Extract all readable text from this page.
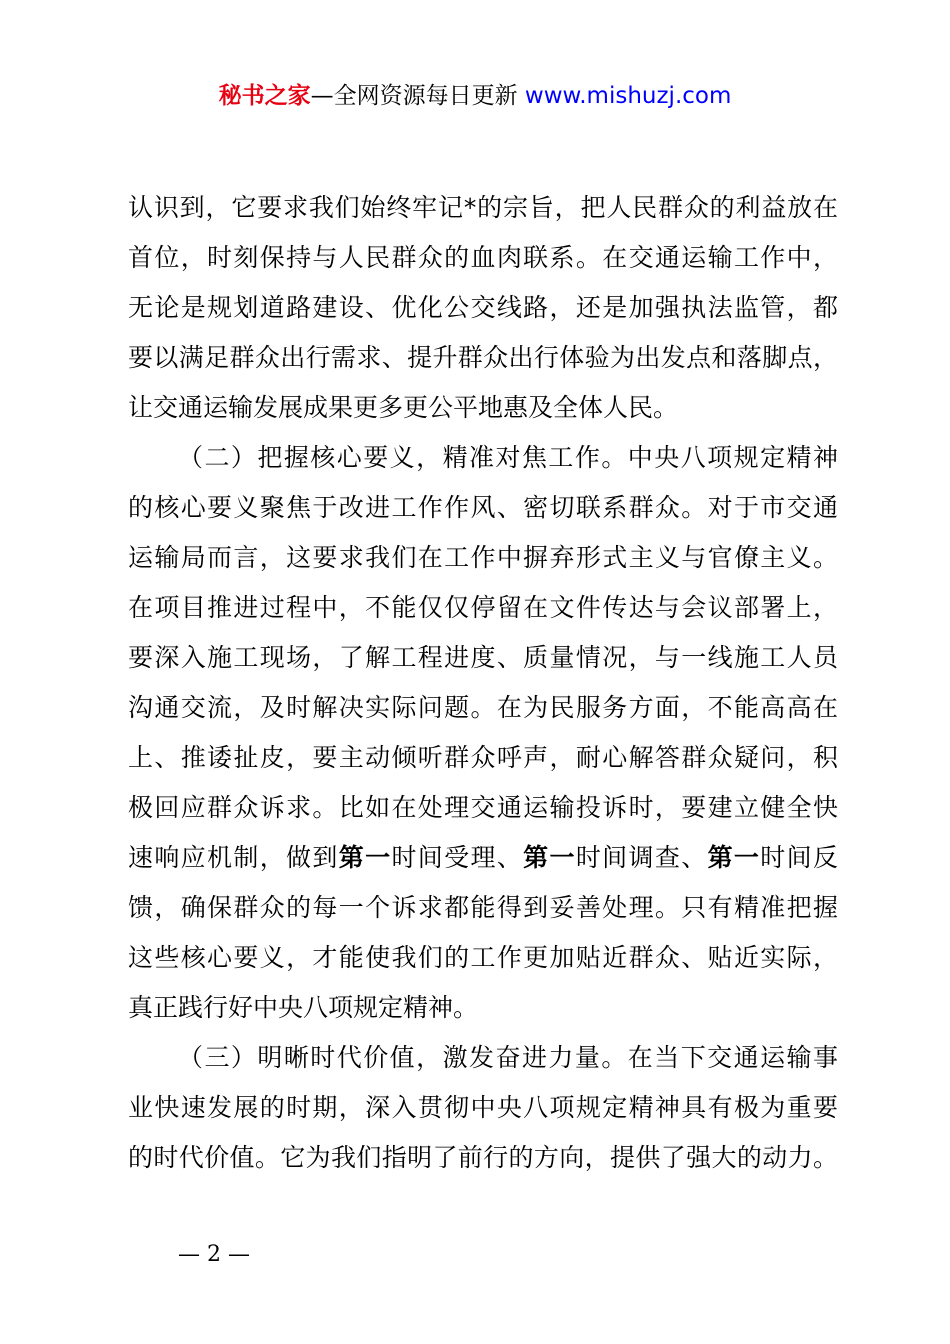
秘书之家—全网资源每日更新 www.mishuzj.com
认识到，它要求我们始终牢记*的宗旨，把人民群众的利益放在
首位，时刻保持与人民群众的血肉联系。在交通运输工作中，
无论是规划道路建设、优化公交线路，还是加强执法监管，都
要以满足群众出行需求、提升群众出行体验为出发点和落脚点，
让交通运输发展成果更多更公平地惠及全体人民。
（二）把握核心要义，精准对焦工作。中央八项规定精神
的核心要义聚焦于改进工作作风、密切联系群众。对于市交通
运输局而言，这要求我们在工作中摒弃形式主义与官僚主义。
在项目推进过程中，不能仅仅停留在文件传达与会议部署上，
要深入施工现场，了解工程进度、质量情况，与一线施工人员
沟通交流，及时解决实际问题。在为民服务方面，不能高高在
上、推诿扯皮，要主动倾听群众呼声，耐心解答群众疑问，积
极回应群众诉求。比如在处理交通运输投诉时，要建立健全快
速响应机制，做到第一时间受理、第一时间调查、第一时间反
馈，确保群众的每一个诉求都能得到妥善处理。只有精准把握
这些核心要义，才能使我们的工作更加贴近群众、贴近实际，
真正践行好中央八项规定精神。
（三）明晰时代价值，激发奋进力量。在当下交通运输事
业快速发展的时期，深入贯彻中央八项规定精神具有极为重要
的时代价值。它为我们指明了前行的方向，提供了强大的动力。
— 2 —
